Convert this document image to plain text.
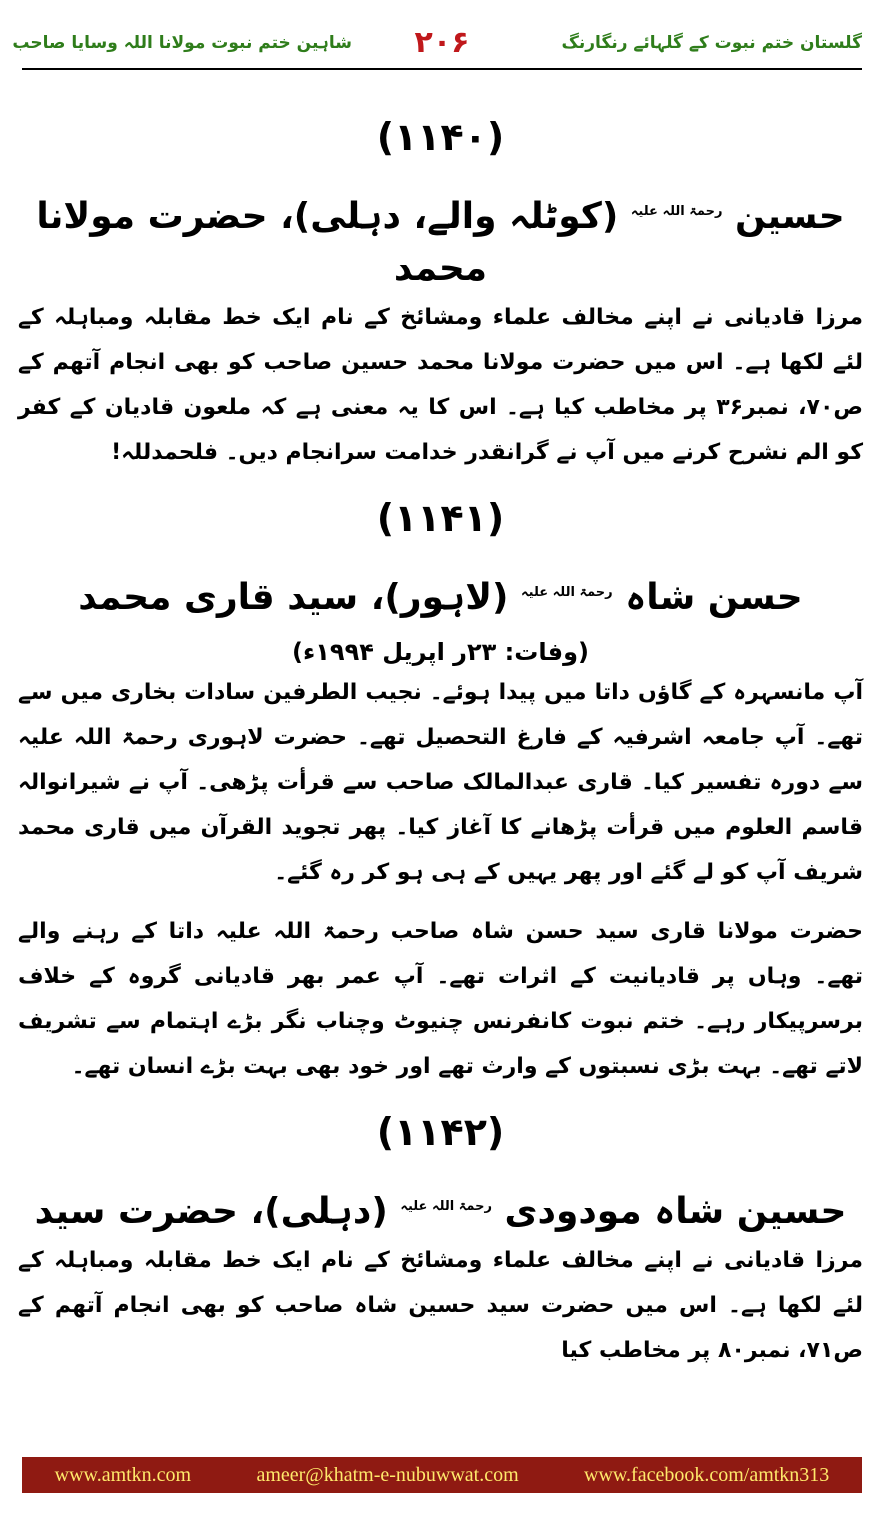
شاہین ختم نبوت مولانا اللہ وسایا صاحب	۲۰۶	گلستان ختم نبوت کے گلہائے رنگارنگ
(۱۱۴۰)
حسین $^{رحمۃ اللہ علیہ}$ (کوٹلہ والے، دہلی)، حضرت مولانا محمد

مرزا قادیانی نے اپنے مخالف علماء ومشائخ کے نام ایک خط مقابلہ ومباہلہ کے لئے لکھا ہے۔ اس میں حضرت مولانا محمد حسین صاحب کو بھی انجام آتھم کے ص۷۰، نمبر۳۶ پر مخاطب کیا ہے۔ اس کا یہ معنی ہے کہ ملعون قادیان کے کفر کو الم نشرح کرنے میں آپ نے گرانقدر خدامت سرانجام دیں۔ فلحمدللہ!

(۱۱۴۱)
حسن شاہ $^{رحمۃ اللہ علیہ}$ (لاہور)، سید قاری محمد
(وفات: ۲۳ر اپریل ۱۹۹۴ء)

آپ مانسہرہ کے گاؤں داتا میں پیدا ہوئے۔ نجیب الطرفین سادات بخاری میں سے تھے۔ آپ جامعہ اشرفیہ کے فارغ التحصیل تھے۔ حضرت لاہوری رحمۃ اللہ علیہ سے دورہ تفسیر کیا۔ قاری عبدالمالک صاحب سے قرأت پڑھی۔ آپ نے شیرانوالہ قاسم العلوم میں قرأت پڑھانے کا آغاز کیا۔ پھر تجوید القرآن میں قاری محمد شریف آپ کو لے گئے اور پھر یہیں کے ہی ہو کر رہ گئے۔

حضرت مولانا قاری سید حسن شاہ صاحب رحمۃ اللہ علیہ داتا کے رہنے والے تھے۔ وہاں پر قادیانیت کے اثرات تھے۔ آپ عمر بھر قادیانی گروہ کے خلاف برسرپیکار رہے۔ ختم نبوت کانفرنس چنیوٹ وچناب نگر بڑے اہتمام سے تشریف لاتے تھے۔ بہت بڑی نسبتوں کے وارث تھے اور خود بھی بہت بڑے انسان تھے۔

(۱۱۴۲)
حسین شاہ مودودی $^{رحمۃ اللہ علیہ}$ (دہلی)، حضرت سید

مرزا قادیانی نے اپنے مخالف علماء ومشائخ کے نام ایک خط مقابلہ ومباہلہ کے لئے لکھا ہے۔ اس میں حضرت سید حسین شاہ صاحب کو بھی انجام آتھم کے ص۷۱، نمبر۸۰ پر مخاطب کیا

www.amtkn.com	ameer@khatm-e-nubuwwat.com	www.facebook.com/amtkn313
